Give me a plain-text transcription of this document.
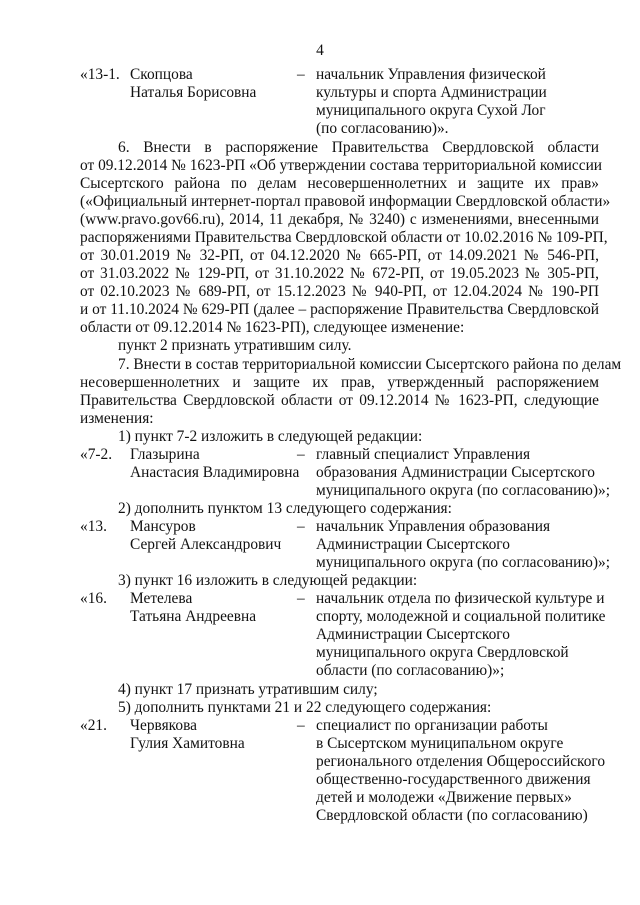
4
«13-1. Скопцова
Наталья Борисовна
– начальник Управления физической
культуры и спорта Администрации
муниципального округа Сухой Лог
(по согласованию)».
6. Внести в распоряжение Правительства Свердловской области
от 09.12.2014 № 1623-РП «Об утверждении состава территориальной комиссии
Сысертского района по делам несовершеннолетних и защите их прав»
(«Официальный интернет-портал правовой информации Свердловской области»
(www.pravo.gov66.ru), 2014, 11 декабря, № 3240) с изменениями, внесенными
распоряжениями Правительства Свердловской области от 10.02.2016 № 109-РП,
от 30.01.2019 № 32-РП, от 04.12.2020 № 665-РП, от 14.09.2021 № 546-РП,
от 31.03.2022 № 129-РП, от 31.10.2022 № 672-РП, от 19.05.2023 № 305-РП,
от 02.10.2023 № 689-РП, от 15.12.2023 № 940-РП, от 12.04.2024 № 190-РП
и от 11.10.2024 № 629-РП (далее – распоряжение Правительства Свердловской
области от 09.12.2014 № 1623-РП), следующее изменение:
пункт 2 признать утратившим силу.
7. Внести в состав территориальной комиссии Сысертского района по делам
несовершеннолетних и защите их прав, утвержденный распоряжением
Правительства Свердловской области от 09.12.2014 № 1623-РП, следующие
изменения:
1) пункт 7-2 изложить в следующей редакции:
«7-2. Глазырина
Анастасия Владимировна
– главный специалист Управления
образования Администрации Сысертского
муниципального округа (по согласованию)»;
2) дополнить пунктом 13 следующего содержания:
«13. Мансуров
Сергей Александрович
– начальник Управления образования
Администрации Сысертского
муниципального округа (по согласованию)»;
3) пункт 16 изложить в следующей редакции:
«16. Метелева
Татьяна Андреевна
– начальник отдела по физической культуре и
спорту, молодежной и социальной политике
Администрации Сысертского
муниципального округа Свердловской
области (по согласованию)»;
4) пункт 17 признать утратившим силу;
5) дополнить пунктами 21 и 22 следующего содержания:
«21. Червякова
Гулия Хамитовна
– специалист по организации работы
в Сысертском муниципальном округе
регионального отделения Общероссийского
общественно-государственного движения
детей и молодежи «Движение первых»
Свердловской области (по согласованию)
